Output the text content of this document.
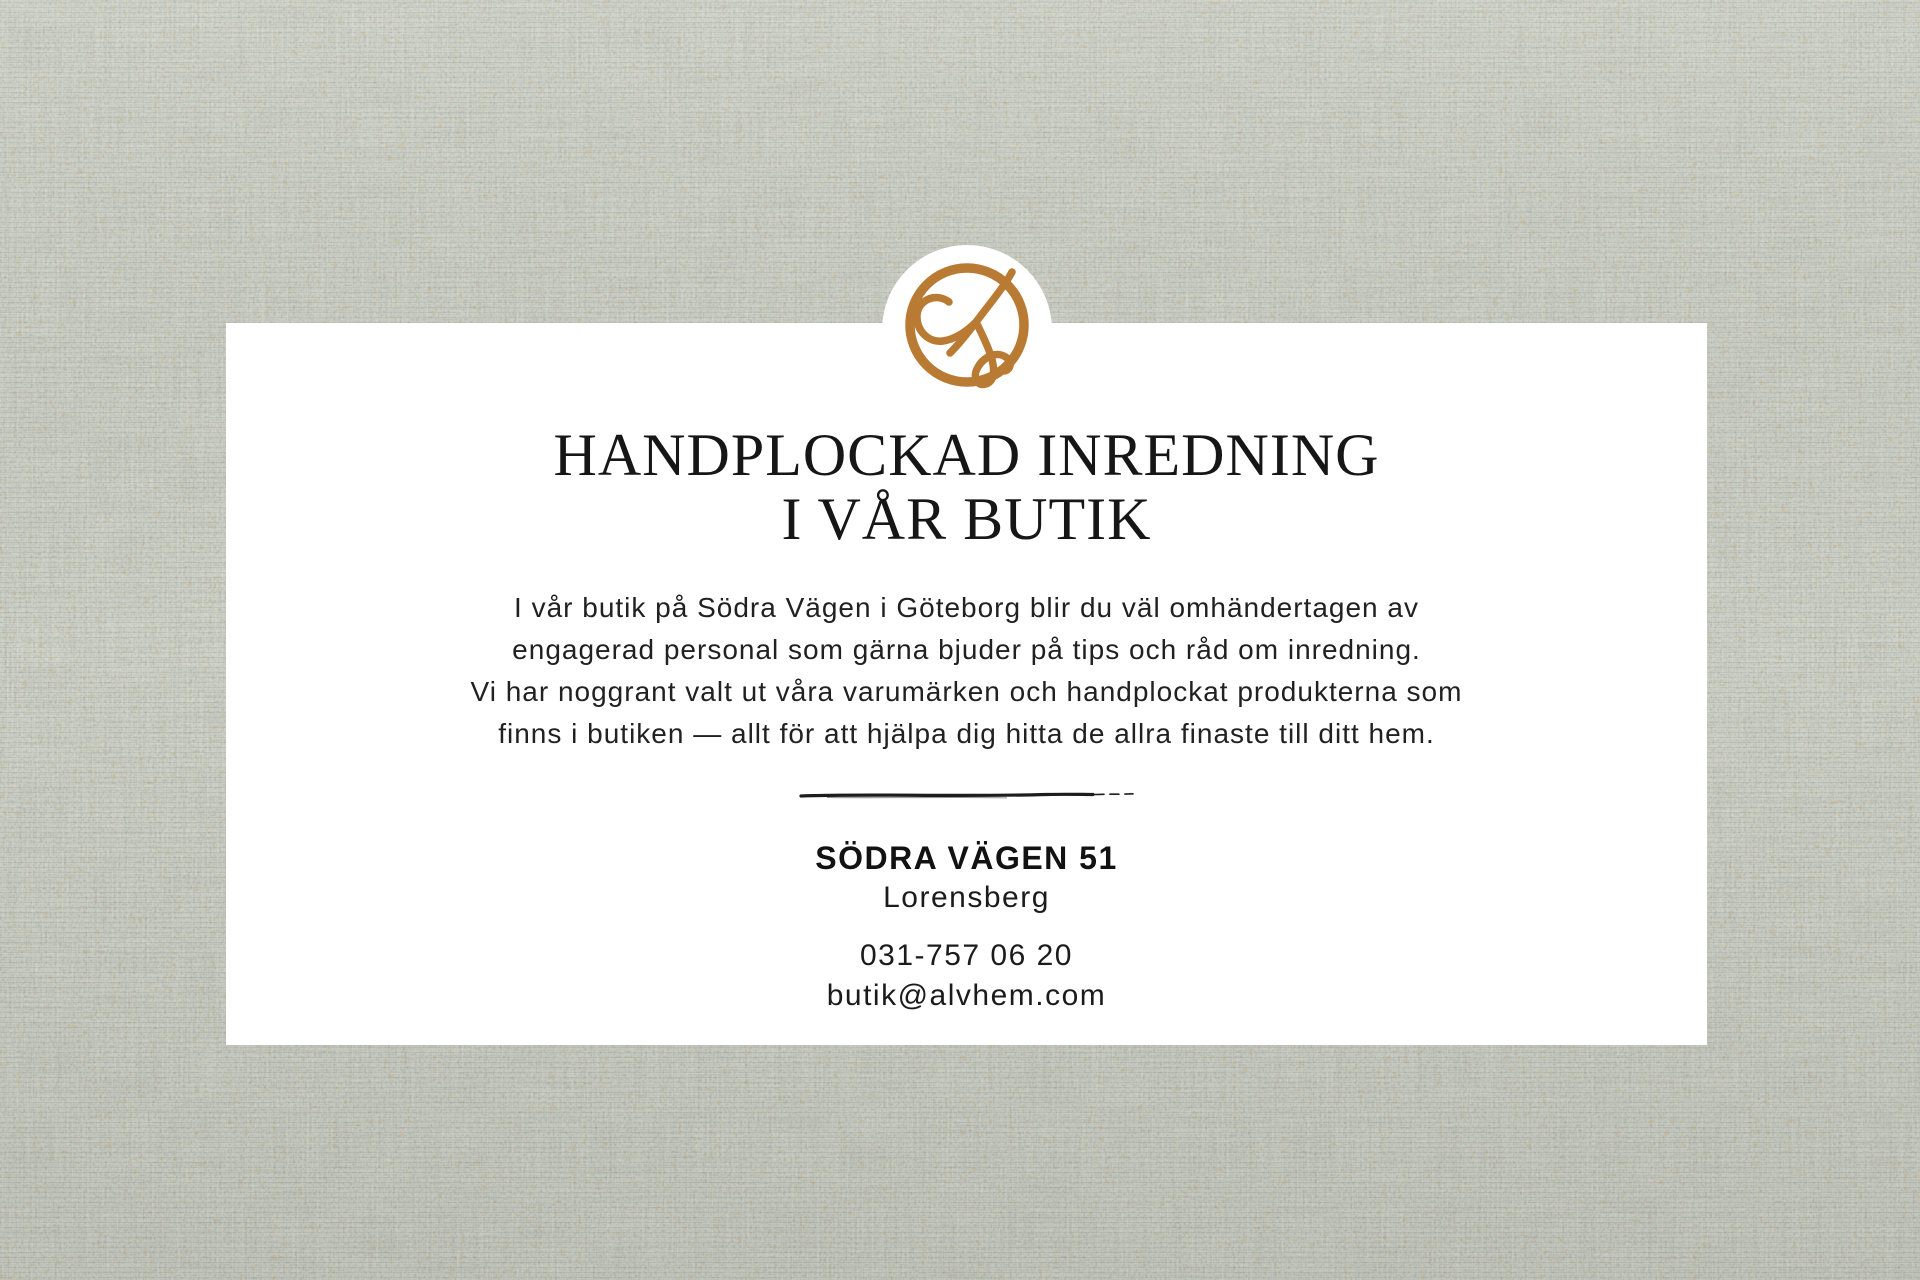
HANDPLOCKAD INREDNING
I VÅR BUTIK
I vår butik på Södra Vägen i Göteborg blir du väl omhändertagen av
engagerad personal som gärna bjuder på tips och råd om inredning.
Vi har noggrant valt ut våra varumärken och handplockat produkterna som
finns i butiken — allt för att hjälpa dig hitta de allra finaste till ditt hem.
SÖDRA VÄGEN 51
Lorensberg
031-757 06 20
butik@alvhem.com
